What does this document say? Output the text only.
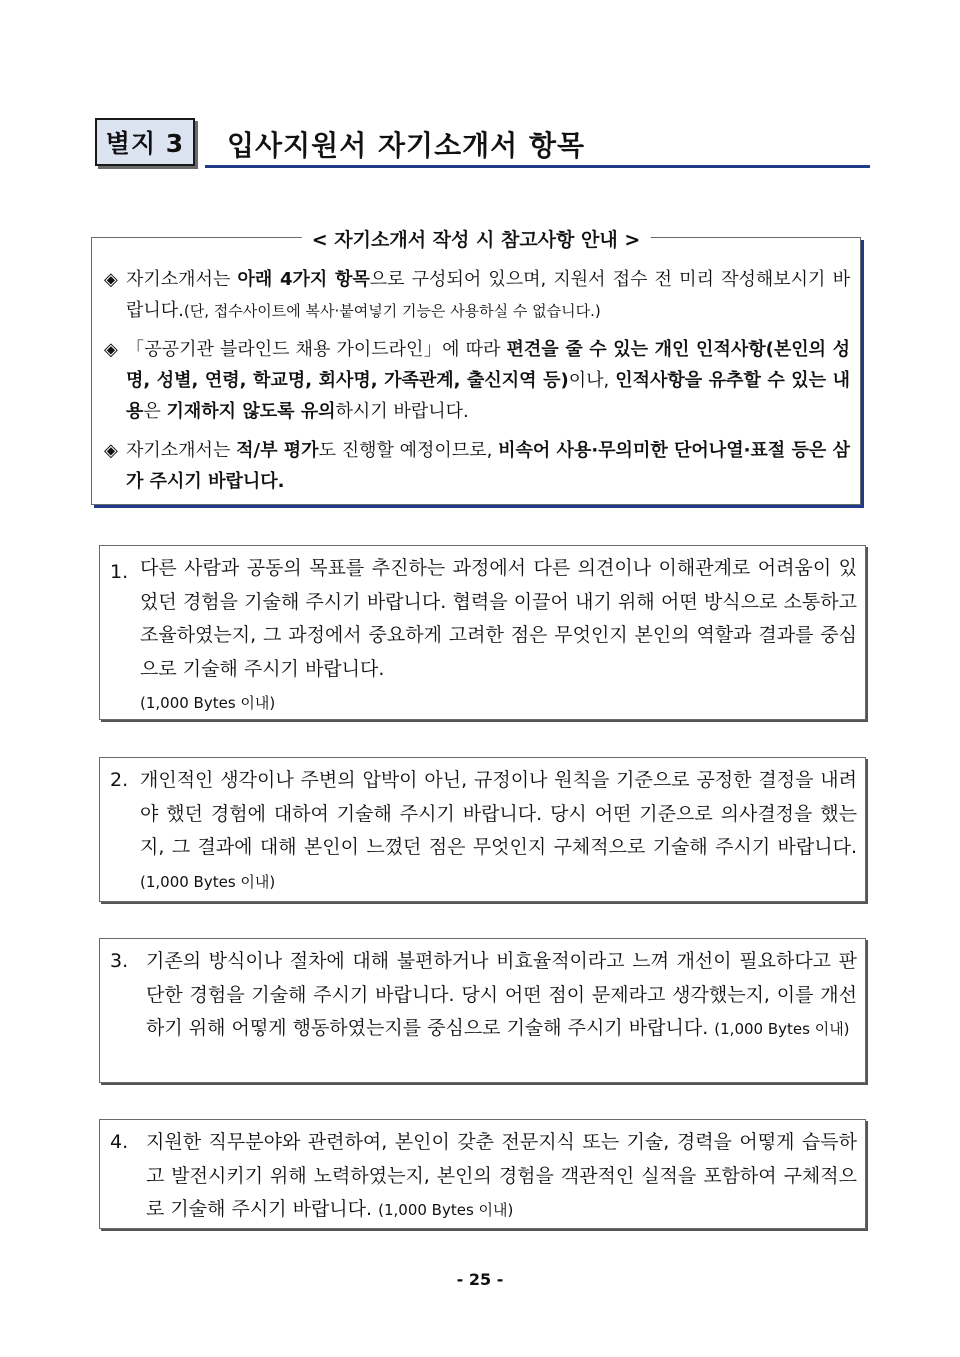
별지 3	입사지원서 자기소개서 항목
< 자기소개서 작성 시 참고사항 안내 >
◈ 자기소개서는 아래 4가지 항목으로 구성되어 있으며, 지원서 접수 전 미리 작성해보시기 바랍니다.(단, 접수사이트에 복사·붙여넣기 기능은 사용하실 수 없습니다.)
◈ 「공공기관 블라인드 채용 가이드라인」에 따라 편견을 줄 수 있는 개인 인적사항(본인의 성명, 성별, 연령, 학교명, 회사명, 가족관계, 출신지역 등)이나, 인적사항을 유추할 수 있는 내용은 기재하지 않도록 유의하시기 바랍니다.
◈ 자기소개서는 적/부 평가도 진행할 예정이므로, 비속어 사용·무의미한 단어나열·표절 등은 삼가 주시기 바랍니다.
1. 다른 사람과 공동의 목표를 추진하는 과정에서 다른 의견이나 이해관계로 어려움이 있었던 경험을 기술해 주시기 바랍니다. 협력을 이끌어 내기 위해 어떤 방식으로 소통하고 조율하였는지, 그 과정에서 중요하게 고려한 점은 무엇인지 본인의 역할과 결과를 중심으로 기술해 주시기 바랍니다.
(1,000 Bytes 이내)
2. 개인적인 생각이나 주변의 압박이 아닌, 규정이나 원칙을 기준으로 공정한 결정을 내려야 했던 경험에 대하여 기술해 주시기 바랍니다. 당시 어떤 기준으로 의사결정을 했는지, 그 결과에 대해 본인이 느꼈던 점은 무엇인지 구체적으로 기술해 주시기 바랍니다. (1,000 Bytes 이내)
3. 기존의 방식이나 절차에 대해 불편하거나 비효율적이라고 느껴 개선이 필요하다고 판단한 경험을 기술해 주시기 바랍니다. 당시 어떤 점이 문제라고 생각했는지, 이를 개선하기 위해 어떻게 행동하였는지를 중심으로 기술해 주시기 바랍니다. (1,000 Bytes 이내)
4. 지원한 직무분야와 관련하여, 본인이 갖춘 전문지식 또는 기술, 경력을 어떻게 습득하고 발전시키기 위해 노력하였는지, 본인의 경험을 객관적인 실적을 포함하여 구체적으로 기술해 주시기 바랍니다. (1,000 Bytes 이내)
- 25 -
